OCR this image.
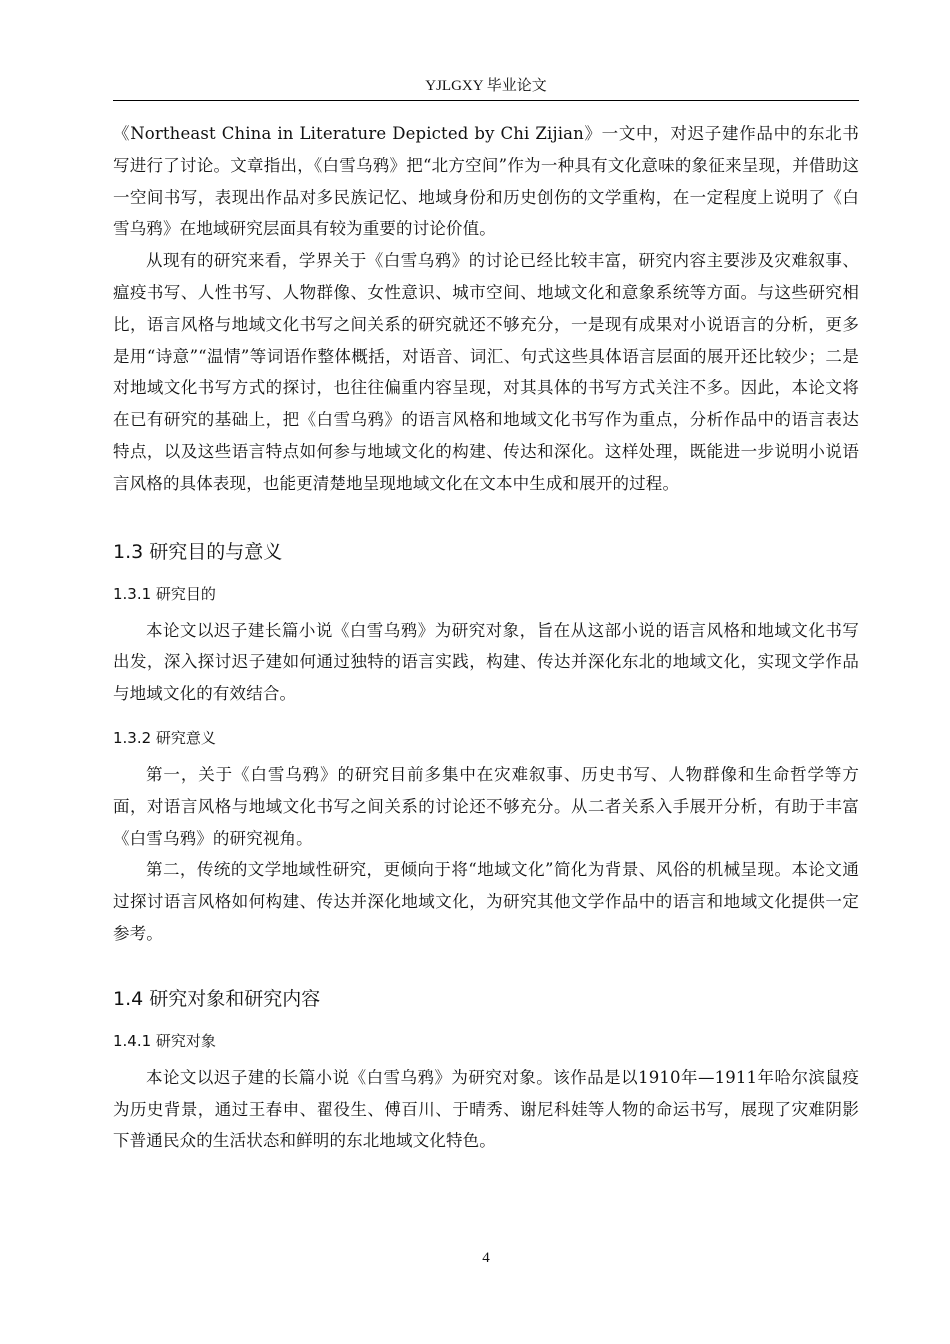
YJLGXY 毕业论文

《Northeast China in Literature Depicted by Chi Zijian》一文中，对迟子建作品中的东北书写进行了讨论。文章指出，《白雪乌鸦》把“北方空间”作为一种具有文化意味的象征来呈现，并借助这一空间书写，表现出作品对多民族记忆、地域身份和历史创伤的文学重构，在一定程度上说明了《白雪乌鸦》在地域研究层面具有较为重要的讨论价值。

从现有的研究来看，学界关于《白雪乌鸦》的讨论已经比较丰富，研究内容主要涉及灾难叙事、瘟疫书写、人性书写、人物群像、女性意识、城市空间、地域文化和意象系统等方面。与这些研究相比，语言风格与地域文化书写之间关系的研究就还不够充分，一是现有成果对小说语言的分析，更多是用“诗意”“温情”等词语作整体概括，对语音、词汇、句式这些具体语言层面的展开还比较少；二是对地域文化书写方式的探讨，也往往偏重内容呈现，对其具体的书写方式关注不多。因此，本论文将在已有研究的基础上，把《白雪乌鸦》的语言风格和地域文化书写作为重点，分析作品中的语言表达特点，以及这些语言特点如何参与地域文化的构建、传达和深化。这样处理，既能进一步说明小说语言风格的具体表现，也能更清楚地呈现地域文化在文本中生成和展开的过程。

1.3 研究目的与意义
1.3.1 研究目的

本论文以迟子建长篇小说《白雪乌鸦》为研究对象，旨在从这部小说的语言风格和地域文化书写出发，深入探讨迟子建如何通过独特的语言实践，构建、传达并深化东北的地域文化，实现文学作品与地域文化的有效结合。

1.3.2 研究意义

第一，关于《白雪乌鸦》的研究目前多集中在灾难叙事、历史书写、人物群像和生命哲学等方面，对语言风格与地域文化书写之间关系的讨论还不够充分。从二者关系入手展开分析，有助于丰富《白雪乌鸦》的研究视角。

第二，传统的文学地域性研究，更倾向于将“地域文化”简化为背景、风俗的机械呈现。本论文通过探讨语言风格如何构建、传达并深化地域文化，为研究其他文学作品中的语言和地域文化提供一定参考。

1.4 研究对象和研究内容
1.4.1 研究对象

本论文以迟子建的长篇小说《白雪乌鸦》为研究对象。该作品是以1910年—1911年哈尔滨鼠疫为历史背景，通过王春申、翟役生、傅百川、于晴秀、谢尼科娃等人物的命运书写，展现了灾难阴影下普通民众的生活状态和鲜明的东北地域文化特色。

4
